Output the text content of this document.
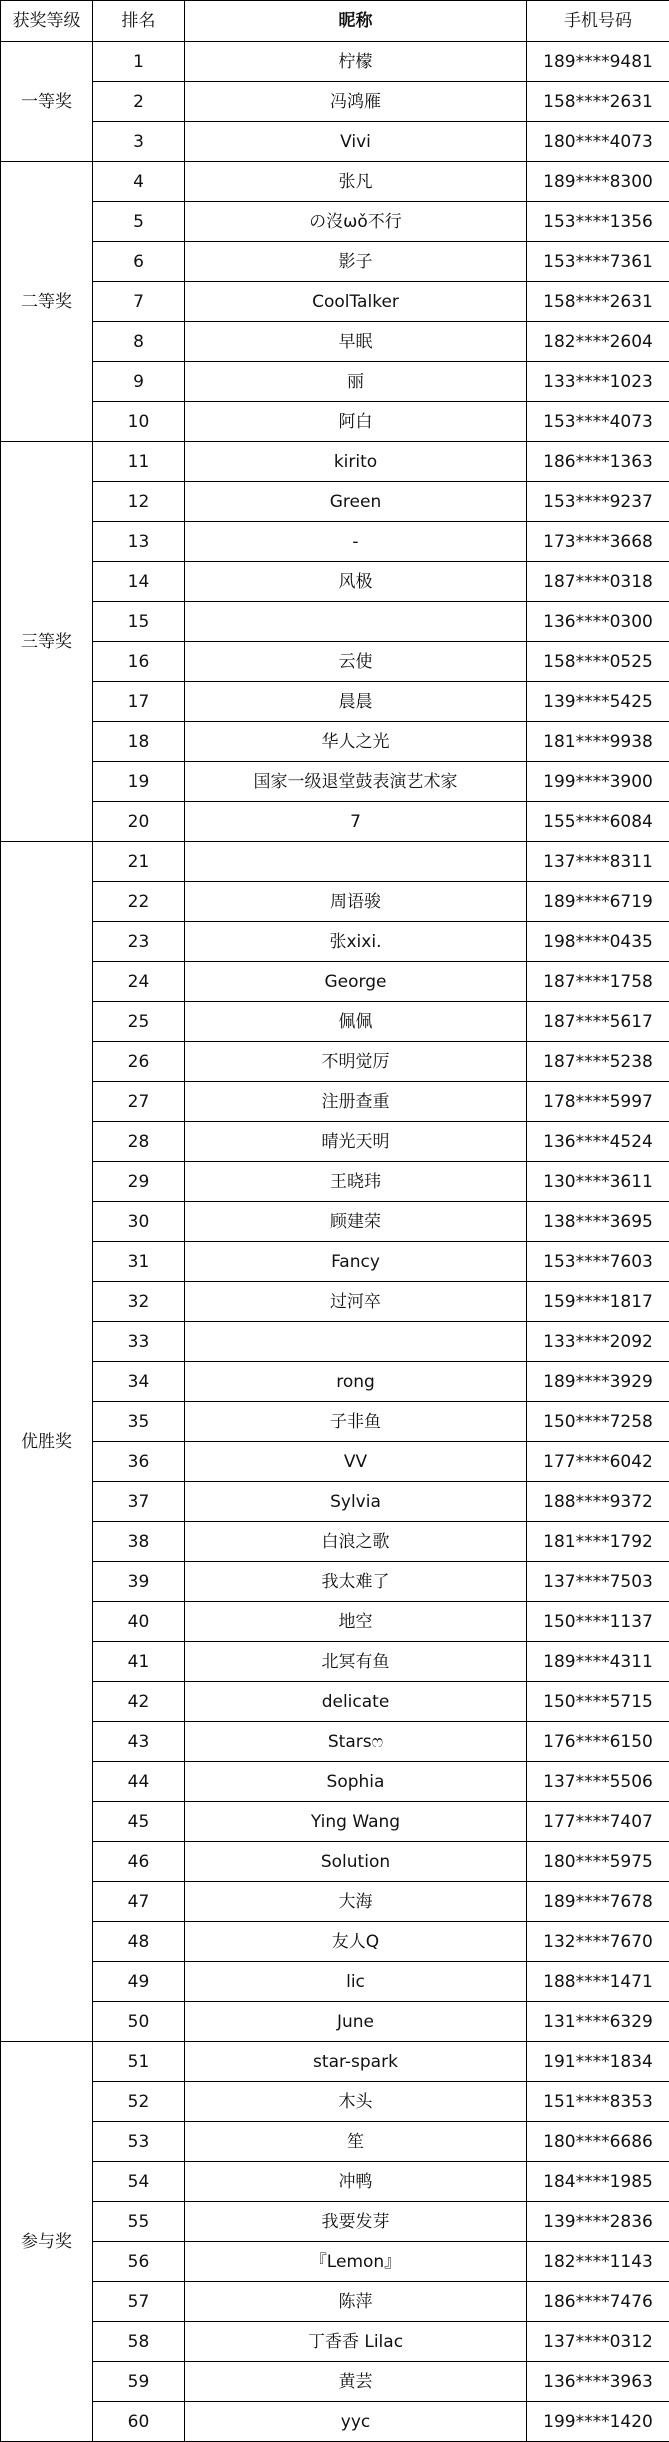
获奖等级	排名	昵称	手机号码
一等奖	1	柠檬	189****9481
	2	冯鸿雁	158****2631
	3	Vivi	180****4073
二等奖	4	张凡	189****8300
	5	の沒ωǒ不行	153****1356
	6	影子	153****7361
	7	CoolTalker	158****2631
	8	早眠	182****2604
	9	丽	133****1023
	10	阿白	153****4073
三等奖	11	kirito	186****1363
	12	Green	153****9237
	13	-	173****3668
	14	风极	187****0318
	15		136****0300
	16	云使	158****0525
	17	晨晨	139****5425
	18	华人之光	181****9938
	19	国家一级退堂鼓表演艺术家	199****3900
	20	7	155****6084
优胜奖	21		137****8311
	22	周语骏	189****6719
	23	张xixi.	198****0435
	24	George	187****1758
	25	佩佩	187****5617
	26	不明觉厉	187****5238
	27	注册查重	178****5997
	28	晴光天明	136****4524
	29	王晓玮	130****3611
	30	顾建荣	138****3695
	31	Fancy	153****7603
	32	过河卒	159****1817
	33		133****2092
	34	rong	189****3929
	35	子非鱼	150****7258
	36	VV	177****6042
	37	Sylvia	188****9372
	38	白浪之歌	181****1792
	39	我太难了	137****7503
	40	地空	150****1137
	41	北冥有鱼	189****4311
	42	delicate	150****5715
	43	Starsෆ	176****6150
	44	Sophia	137****5506
	45	Ying Wang	177****7407
	46	Solution	180****5975
	47	大海	189****7678
	48	友人Q	132****7670
	49	lic	188****1471
	50	June	131****6329
参与奖	51	star-spark	191****1834
	52	木头	151****8353
	53	笙	180****6686
	54	冲鸭	184****1985
	55	我要发芽	139****2836
	56	『Lemon』	182****1143
	57	陈萍	186****7476
	58	丁香香 Lilac	137****0312
	59	黄芸	136****3963
	60	yyc	199****1420
